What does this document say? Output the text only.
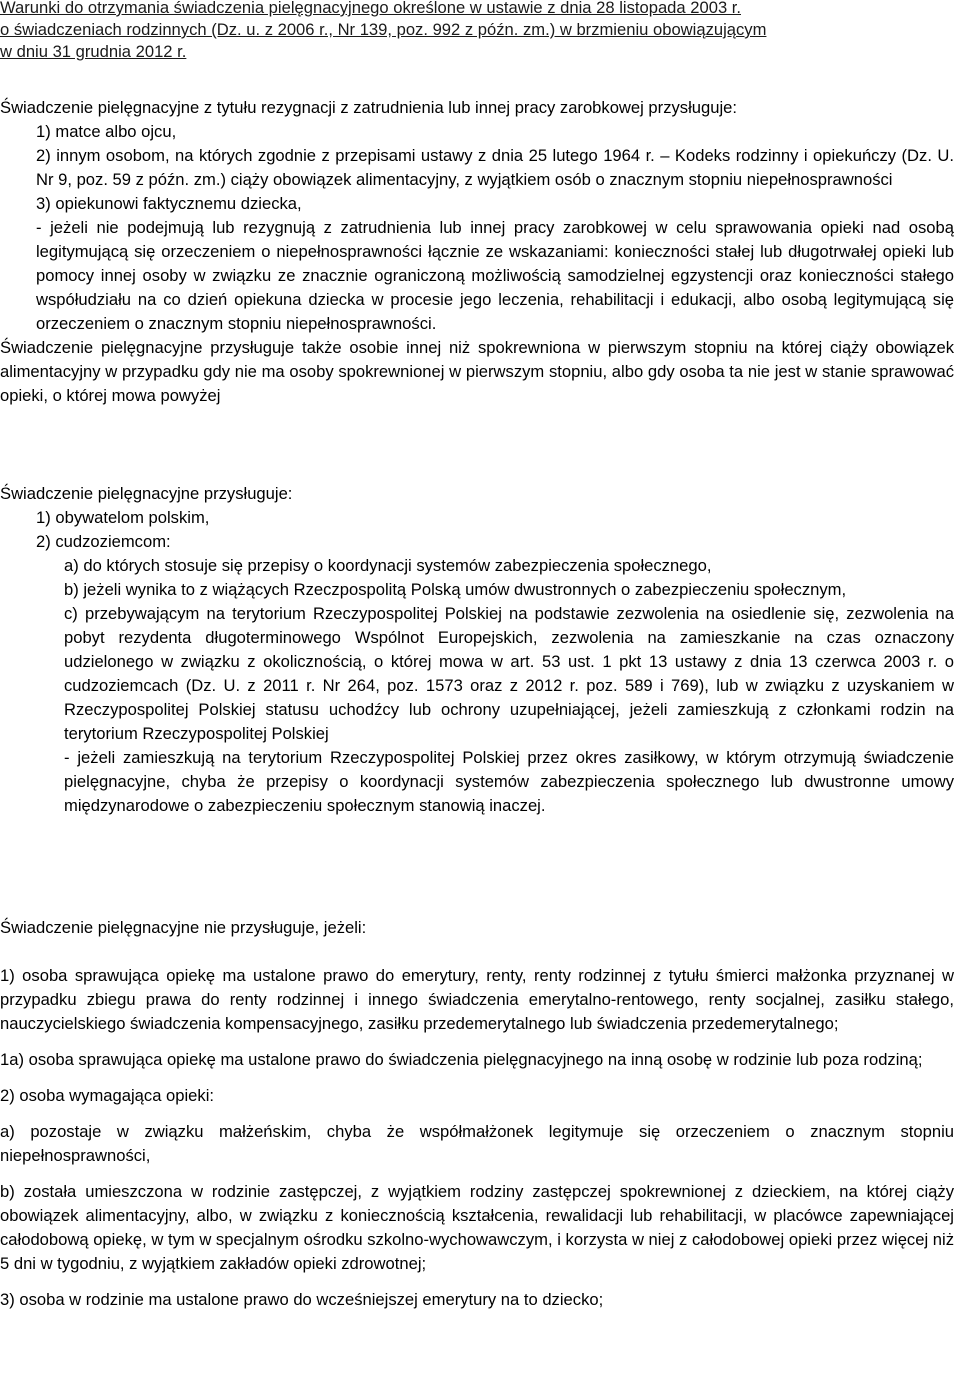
Warunki do otrzymania świadczenia pielęgnacyjnego określone w ustawie z dnia 28 listopada 2003 r.
o świadczeniach rodzinnych (Dz. u. z 2006 r., Nr 139, poz. 992 z późn. zm.) w brzmieniu obowiązującym
w dniu 31 grudnia 2012 r.

Świadczenie pielęgnacyjne z tytułu rezygnacji z zatrudnienia lub innej pracy zarobkowej przysługuje:

1) matce albo ojcu,

2) innym osobom, na których zgodnie z przepisami ustawy z dnia 25 lutego 1964 r. – Kodeks rodzinny i opiekuńczy (Dz. U. Nr 9, poz. 59 z późn. zm.) ciąży obowiązek alimentacyjny, z wyjątkiem osób o znacznym stopniu niepełnosprawności

3) opiekunowi faktycznemu dziecka,

- jeżeli nie podejmują lub rezygnują z zatrudnienia lub innej pracy zarobkowej w celu sprawowania opieki nad osobą legitymującą się orzeczeniem o niepełnosprawności łącznie ze wskazaniami: konieczności stałej lub długotrwałej opieki lub pomocy innej osoby w związku ze znacznie ograniczoną możliwością samodzielnej egzystencji oraz konieczności stałego współudziału na co dzień opiekuna dziecka w procesie jego leczenia, rehabilitacji i edukacji, albo osobą legitymującą się orzeczeniem o znacznym stopniu niepełnosprawności.

Świadczenie pielęgnacyjne przysługuje także osobie innej niż spokrewniona w pierwszym stopniu na której ciąży obowiązek alimentacyjny w przypadku gdy nie ma osoby spokrewnionej w pierwszym stopniu, albo gdy osoba ta nie jest w stanie sprawować opieki, o której mowa powyżej

Świadczenie pielęgnacyjne przysługuje:

1) obywatelom polskim,

2) cudzoziemcom:

a) do których stosuje się przepisy o koordynacji systemów zabezpieczenia społecznego,

b) jeżeli wynika to z wiążących Rzeczpospolitą Polską umów dwustronnych o zabezpieczeniu społecznym,

c) przebywającym na terytorium Rzeczypospolitej Polskiej na podstawie zezwolenia na osiedlenie się, zezwolenia na pobyt rezydenta długoterminowego Wspólnot Europejskich, zezwolenia na zamieszkanie na czas oznaczony udzielonego w związku z okolicznością, o której mowa w art. 53 ust. 1 pkt 13 ustawy z dnia 13 czerwca 2003 r. o cudzoziemcach (Dz. U. z 2011 r. Nr 264, poz. 1573 oraz z 2012 r. poz. 589 i 769), lub w związku z uzyskaniem w Rzeczypospolitej Polskiej statusu uchodźcy lub ochrony uzupełniającej, jeżeli zamieszkują z członkami rodzin na terytorium Rzeczypospolitej Polskiej

- jeżeli zamieszkują na terytorium Rzeczypospolitej Polskiej przez okres zasiłkowy, w którym otrzymują świadczenie pielęgnacyjne, chyba że przepisy o koordynacji systemów zabezpieczenia społecznego lub dwustronne umowy międzynarodowe o zabezpieczeniu społecznym stanowią inaczej.

Świadczenie pielęgnacyjne nie przysługuje, jeżeli:

1) osoba sprawująca opiekę ma ustalone prawo do emerytury, renty, renty rodzinnej z tytułu śmierci małżonka przyznanej w przypadku zbiegu prawa do renty rodzinnej i innego świadczenia emerytalno-rentowego, renty socjalnej, zasiłku stałego, nauczycielskiego świadczenia kompensacyjnego, zasiłku przedemerytalnego lub świadczenia przedemerytalnego;

1a) osoba sprawująca opiekę ma ustalone prawo do świadczenia pielęgnacyjnego na inną osobę w rodzinie lub poza rodziną;

2) osoba wymagająca opieki:

a) pozostaje w związku małżeńskim, chyba że współmałżonek legitymuje się orzeczeniem o znacznym stopniu niepełnosprawności,

b) została umieszczona w rodzinie zastępczej, z wyjątkiem rodziny zastępczej spokrewnionej z dzieckiem, na której ciąży obowiązek alimentacyjny, albo, w związku z koniecznością kształcenia, rewalidacji lub rehabilitacji, w placówce zapewniającej całodobową opiekę, w tym w specjalnym ośrodku szkolno-wychowawczym, i korzysta w niej z całodobowej opieki przez więcej niż 5 dni w tygodniu, z wyjątkiem zakładów opieki zdrowotnej;

3) osoba w rodzinie ma ustalone prawo do wcześniejszej emerytury na to dziecko;
